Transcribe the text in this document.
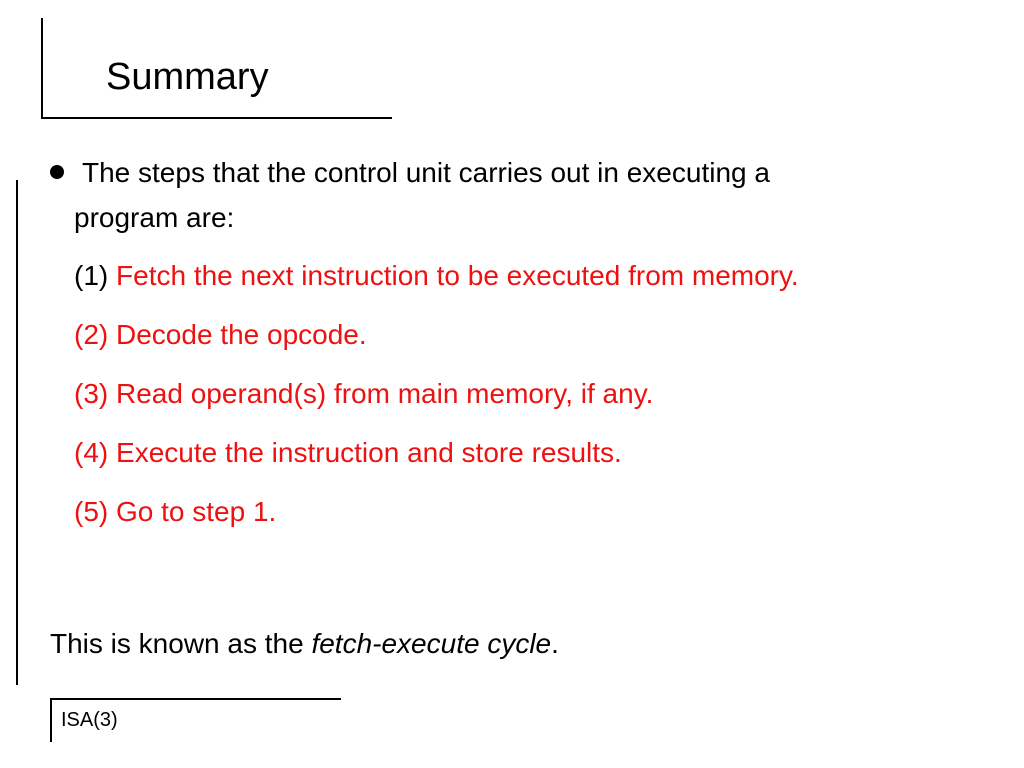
Summary
The steps that the control unit carries out in executing a
program are:
(1) Fetch the next instruction to be executed from memory.
(2) Decode the opcode.
(3) Read operand(s) from main memory, if any.
(4) Execute the instruction and store results.
(5) Go to step 1.
This is known as the fetch-execute cycle.
ISA(3)
